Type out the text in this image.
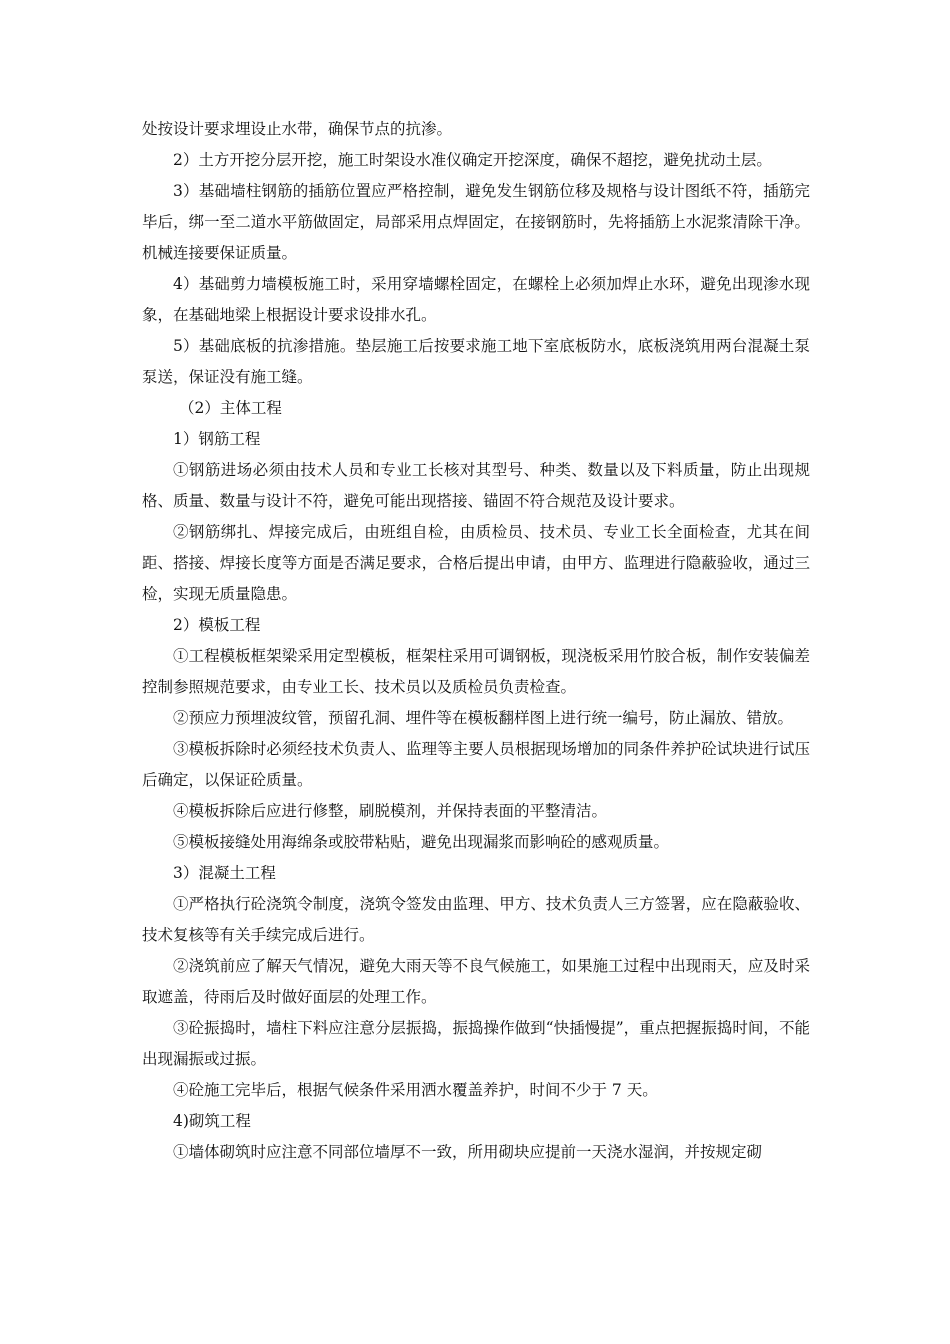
处按设计要求埋设止水带，确保节点的抗渗。

2）土方开挖分层开挖，施工时架设水准仪确定开挖深度，确保不超挖，避免扰动土层。

3）基础墙柱钢筋的插筋位置应严格控制，避免发生钢筋位移及规格与设计图纸不符，插筋完毕后，绑一至二道水平筋做固定，局部采用点焊固定，在接钢筋时，先将插筋上水泥浆清除干净。机械连接要保证质量。

4）基础剪力墙模板施工时，采用穿墙螺栓固定，在螺栓上必须加焊止水环，避免出现渗水现象，在基础地梁上根据设计要求设排水孔。

5）基础底板的抗渗措施。垫层施工后按要求施工地下室底板防水，底板浇筑用两台混凝土泵泵送，保证没有施工缝。

（2）主体工程

1）钢筋工程

①钢筋进场必须由技术人员和专业工长核对其型号、种类、数量以及下料质量，防止出现规格、质量、数量与设计不符，避免可能出现搭接、锚固不符合规范及设计要求。

②钢筋绑扎、焊接完成后，由班组自检，由质检员、技术员、专业工长全面检查，尤其在间距、搭接、焊接长度等方面是否满足要求，合格后提出申请，由甲方、监理进行隐蔽验收，通过三检，实现无质量隐患。

2）模板工程

①工程模板框架梁采用定型模板，框架柱采用可调钢板，现浇板采用竹胶合板，制作安装偏差控制参照规范要求，由专业工长、技术员以及质检员负责检查。

②预应力预埋波纹管，预留孔洞、埋件等在模板翻样图上进行统一编号，防止漏放、错放。

③模板拆除时必须经技术负责人、监理等主要人员根据现场增加的同条件养护砼试块进行试压后确定，以保证砼质量。

④模板拆除后应进行修整，刷脱模剂，并保持表面的平整清洁。

⑤模板接缝处用海绵条或胶带粘贴，避免出现漏浆而影响砼的感观质量。

3）混凝土工程

①严格执行砼浇筑令制度，浇筑令签发由监理、甲方、技术负责人三方签署，应在隐蔽验收、技术复核等有关手续完成后进行。

②浇筑前应了解天气情况，避免大雨天等不良气候施工，如果施工过程中出现雨天，应及时采取遮盖，待雨后及时做好面层的处理工作。

③砼振捣时，墙柱下料应注意分层振捣，振捣操作做到“快插慢提”，重点把握振捣时间，不能出现漏振或过振。

④砼施工完毕后，根据气候条件采用洒水覆盖养护，时间不少于 7 天。

4)砌筑工程

①墙体砌筑时应注意不同部位墙厚不一致，所用砌块应提前一天浇水湿润，并按规定砌
